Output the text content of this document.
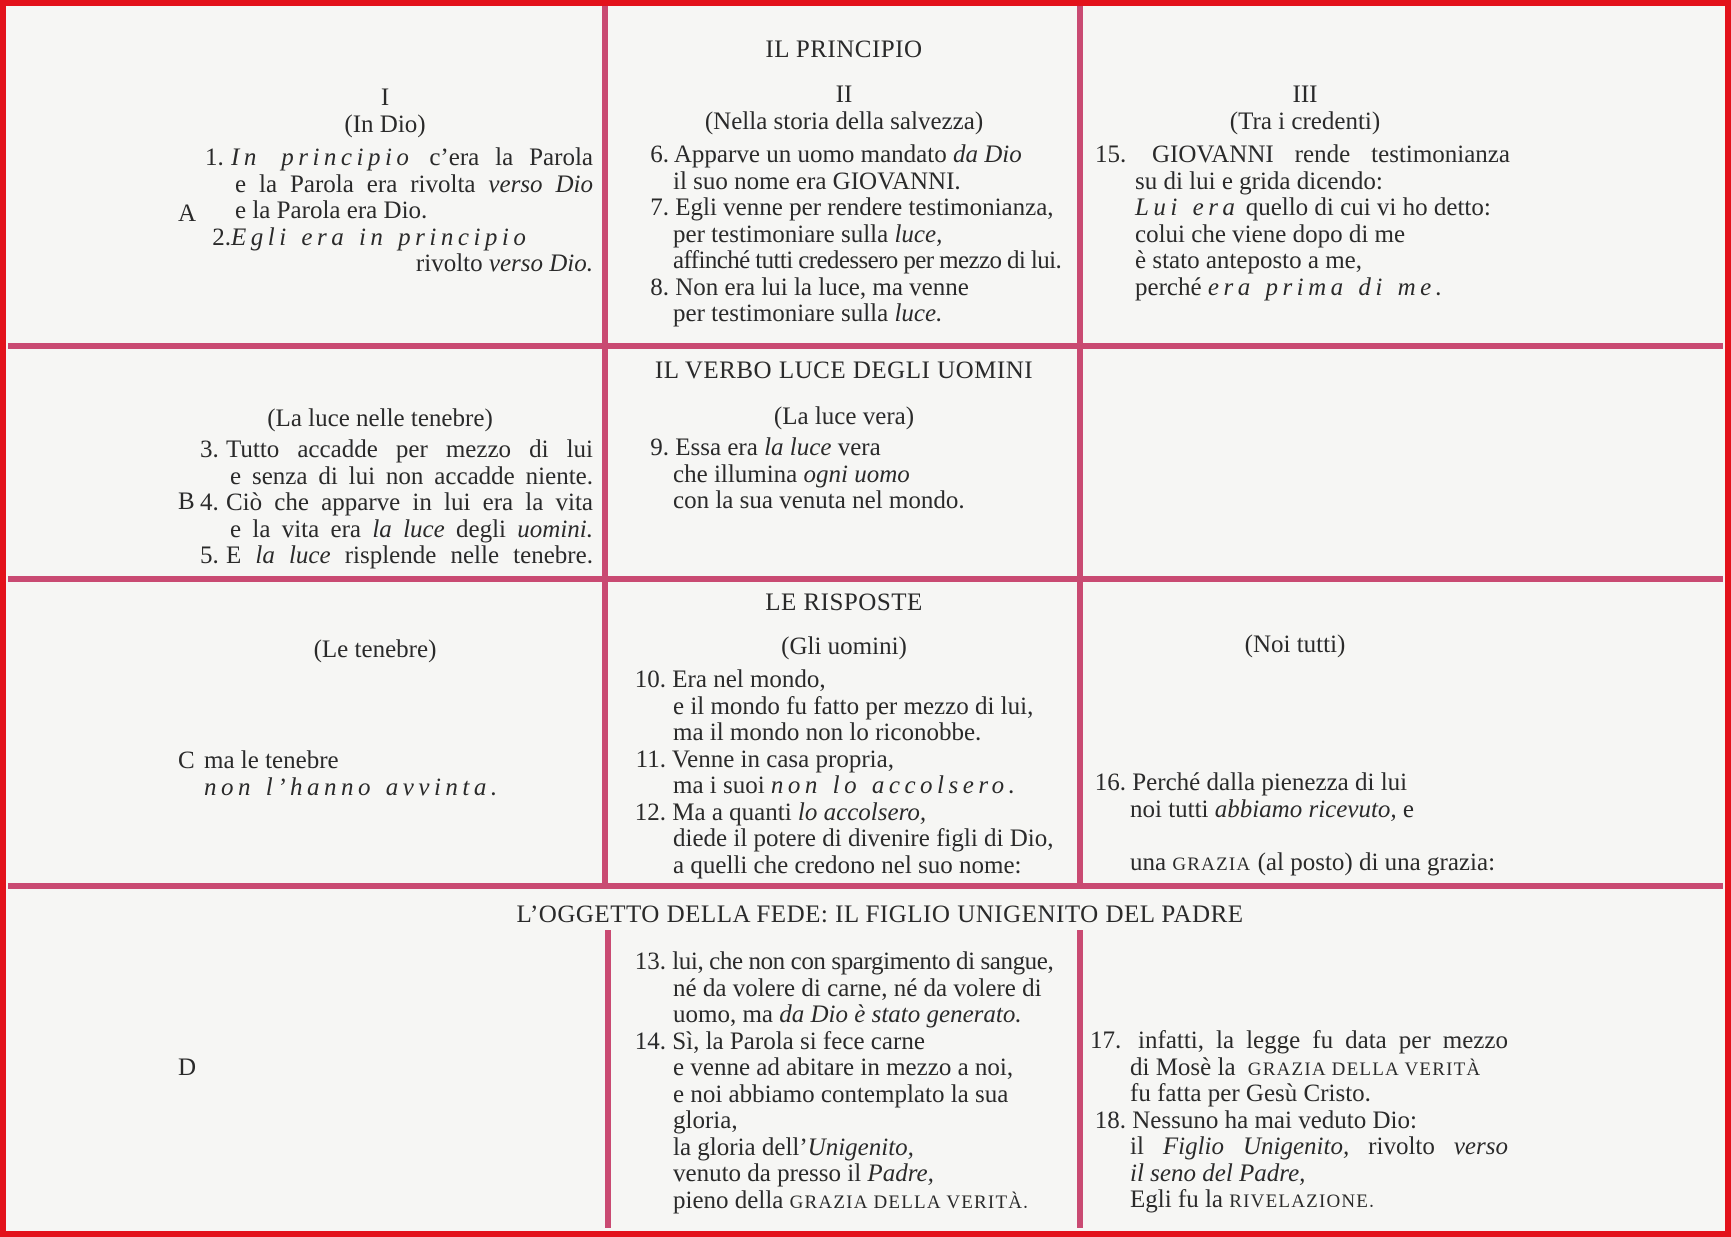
IL PRINCIPIO
IL VERBO LUCE DEGLI UOMINI
LE RISPOSTE
L’OGGETTO DELLA FEDE: IL FIGLIO UNIGENITO DEL PADRE
I
(In Dio)
II
(Nella storia della salvezza)
III
(Tra i credenti)
A
B
C
D
1. In principio c’era la Parola
e la Parola era rivolta verso Dio
e la Parola era Dio.
2.Egli era in principio
rivolto verso Dio.
6. Apparve un uomo mandato da Dio
il suo nome era GIOVANNI.
7. Egli venne per rendere testimonianza,
per testimoniare sulla luce,
affinché tutti credessero per mezzo di lui.
8. Non era lui la luce, ma venne
per testimoniare sulla luce.
15. GIOVANNI rende testimonianza
su di lui e grida dicendo:
Lui era quello di cui vi ho detto:
colui che viene dopo di me
è stato anteposto a me,
perché era prima di me.
(La luce nelle tenebre)
3. Tutto accadde per mezzo di lui
e senza di lui non accadde niente.
4. Ciò che apparve in lui era la vita
e la vita era la luce degli uomini.
5. E la luce risplende nelle tenebre.
(La luce vera)
9. Essa era la luce vera
che illumina ogni uomo
con la sua venuta nel mondo.
(Le tenebre)
ma le tenebre
non l’hanno avvinta.
(Gli uomini)
10. Era nel mondo,
e il mondo fu fatto per mezzo di lui,
ma il mondo non lo riconobbe.
11. Venne in casa propria,
ma i suoi non lo accolsero.
12. Ma a quanti lo accolsero,
diede il potere di divenire figli di Dio,
a quelli che credono nel suo nome:
(Noi tutti)
16. Perché dalla pienezza di lui
noi tutti abbiamo ricevuto, e
una GRAZIA (al posto) di una grazia:
13. lui, che non con spargimento di sangue,
né da volere di carne, né da volere di
uomo, ma da Dio è stato generato.
14. Sì, la Parola si fece carne
e venne ad abitare in mezzo a noi,
e noi abbiamo contemplato la sua
gloria,
la gloria dell’Unigenito,
venuto da presso il Padre,
pieno della GRAZIA DELLA VERITÀ.
17. infatti, la legge fu data per mezzo
di Mosè la GRAZIA DELLA VERITÀ
fu fatta per Gesù Cristo.
18. Nessuno ha mai veduto Dio:
il Figlio Unigenito, rivolto verso
il seno del Padre,
Egli fu la RIVELAZIONE.
